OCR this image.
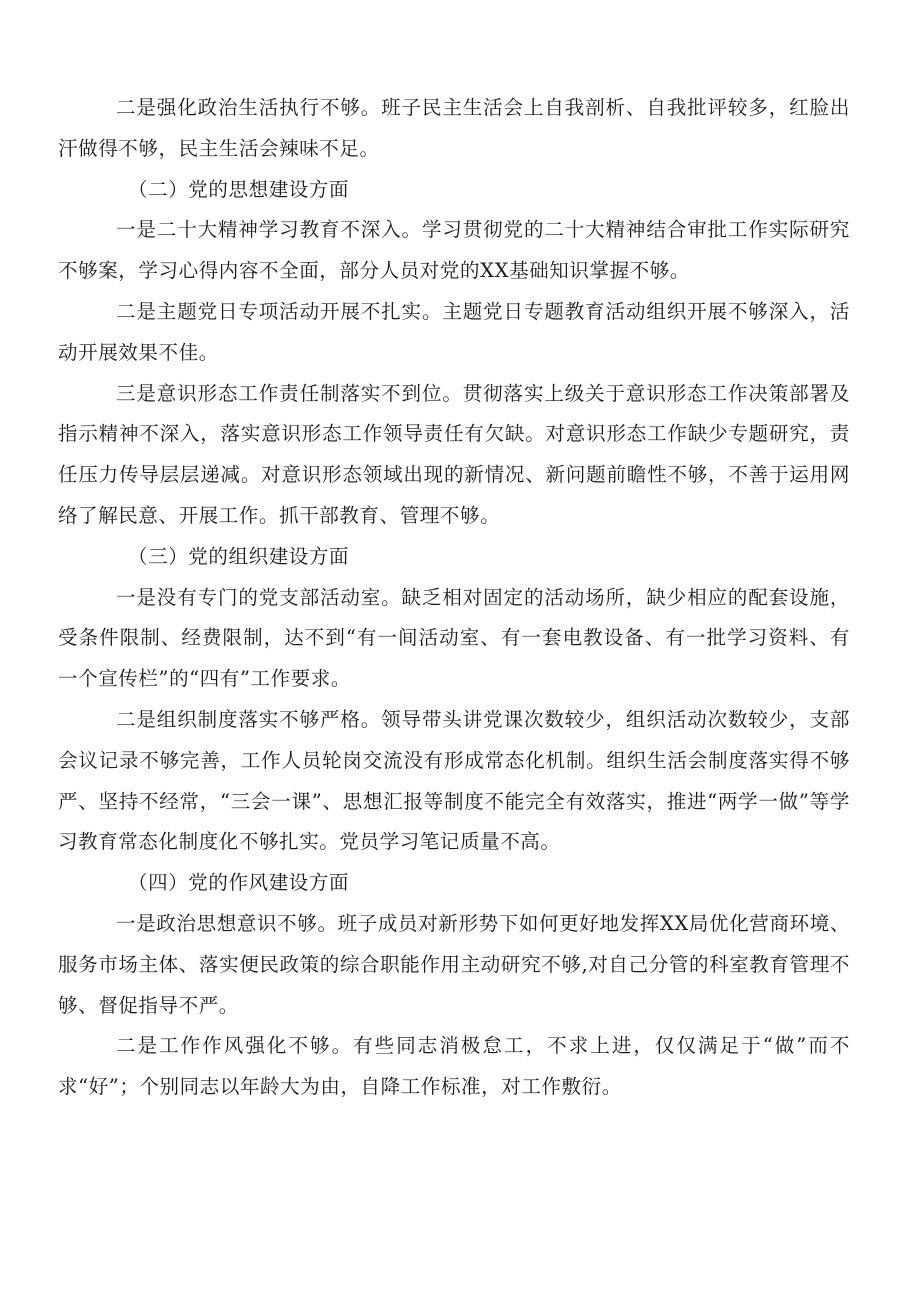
二是强化政治生活执行不够。班子民主生活会上自我剖析、自我批评较多，红脸出汗做得不够，民主生活会辣味不足。

（二）党的思想建设方面

一是二十大精神学习教育不深入。学习贯彻党的二十大精神结合审批工作实际研究不够案，学习心得内容不全面，部分人员对党的XX基础知识掌握不够。

二是主题党日专项活动开展不扎实。主题党日专题教育活动组织开展不够深入，活动开展效果不佳。

三是意识形态工作责任制落实不到位。贯彻落实上级关于意识形态工作决策部署及指示精神不深入，落实意识形态工作领导责任有欠缺。对意识形态工作缺少专题研究，责任压力传导层层递减。对意识形态领域出现的新情况、新问题前瞻性不够，不善于运用网络了解民意、开展工作。抓干部教育、管理不够。

（三）党的组织建设方面

一是没有专门的党支部活动室。缺乏相对固定的活动场所，缺少相应的配套设施，受条件限制、经费限制，达不到“有一间活动室、有一套电教设备、有一批学习资料、有一个宣传栏”的“四有”工作要求。

二是组织制度落实不够严格。领导带头讲党课次数较少，组织活动次数较少，支部会议记录不够完善，工作人员轮岗交流没有形成常态化机制。组织生活会制度落实得不够严、坚持不经常，“三会一课”、思想汇报等制度不能完全有效落实，推进“两学一做”等学习教育常态化制度化不够扎实。党员学习笔记质量不高。

（四）党的作风建设方面

一是政治思想意识不够。班子成员对新形势下如何更好地发挥XX局优化营商环境、服务市场主体、落实便民政策的综合职能作用主动研究不够,对自己分管的科室教育管理不够、督促指导不严。

二是工作作风强化不够。有些同志消极怠工，不求上进，仅仅满足于“做”而不求“好”；个别同志以年龄大为由，自降工作标准，对工作敷衍。
